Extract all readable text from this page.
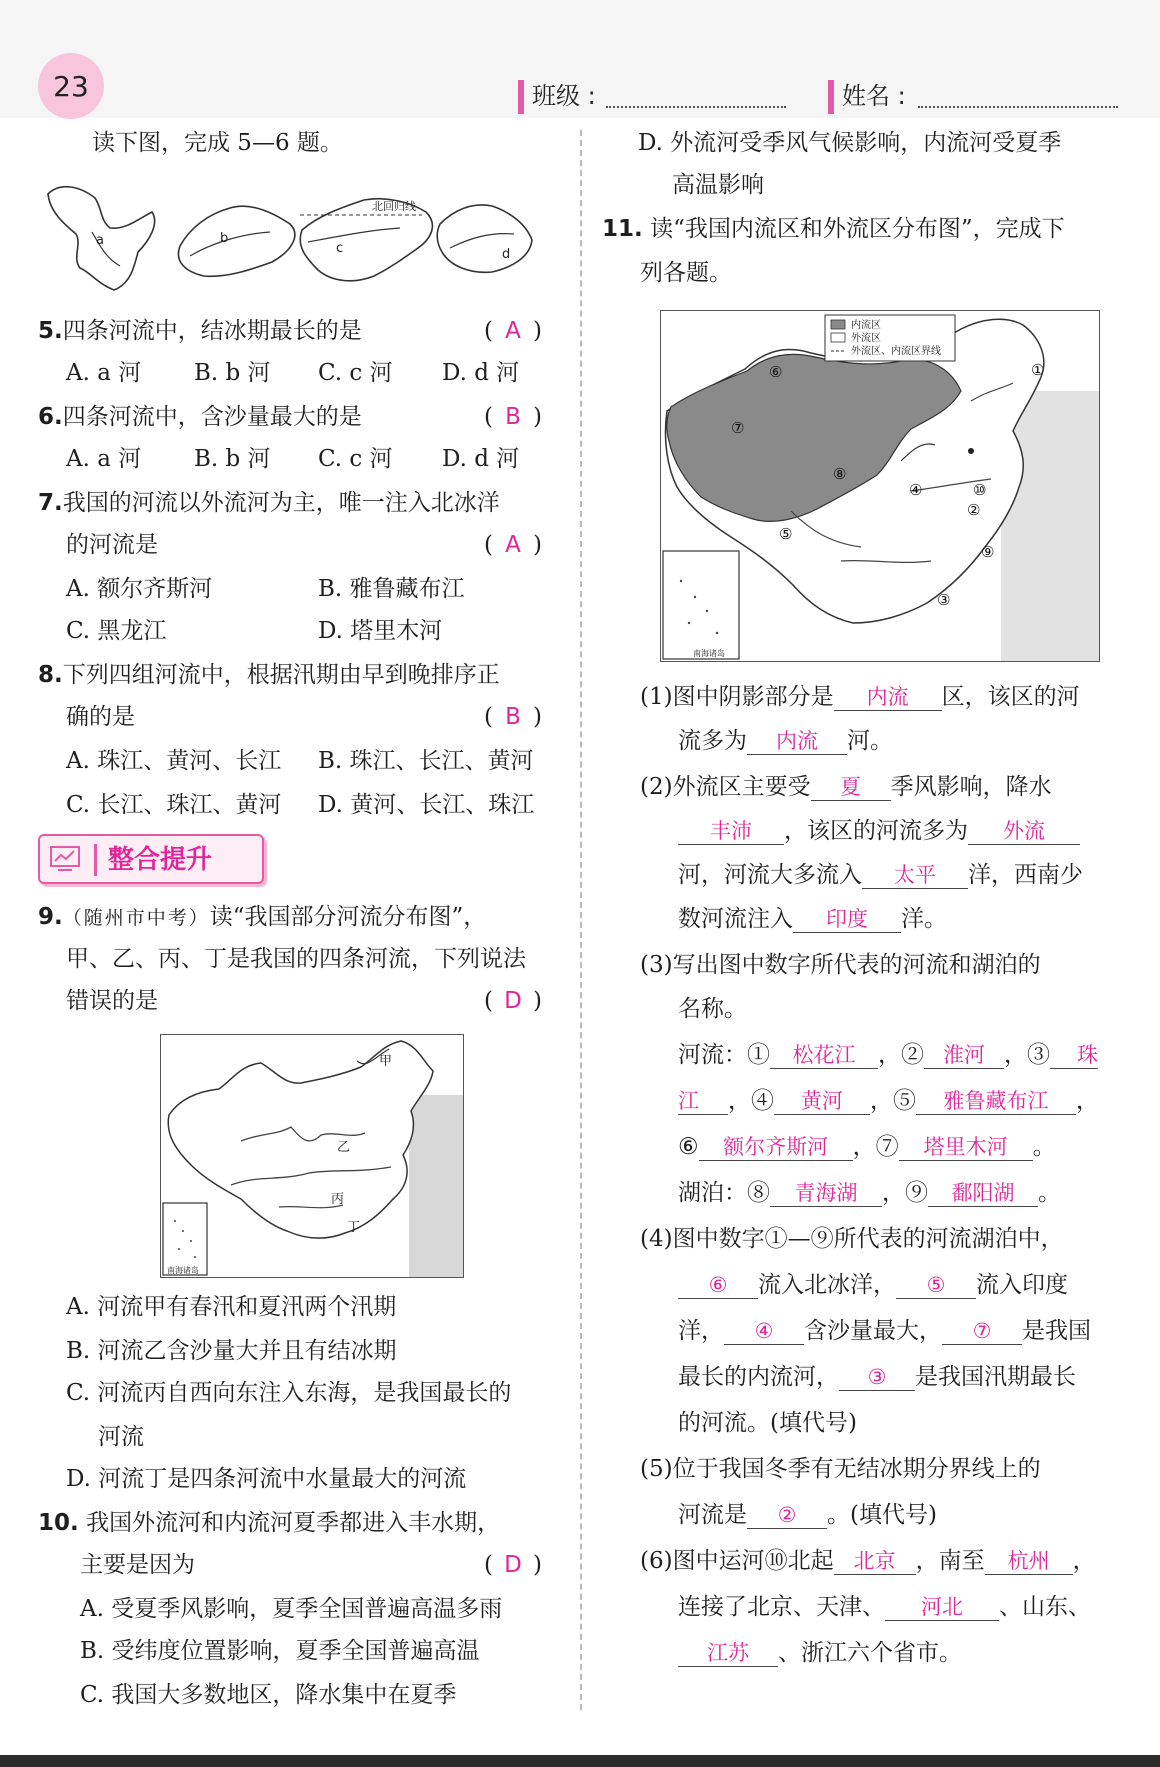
23	班级 :	姓名 :
读下图，完成 5—6 题。
a	b
c	d
北回归线
5.四条河流中，结冰期最长的是	( A )
A. a 河 B. b 河 C. c 河 D. d 河
6.四条河流中，含沙量最大的是	( B )
A. a 河 B. b 河 C. c 河 D. d 河
7.我国的河流以外流河为主，唯一注入北冰洋
的河流是	( A )
A. 额尔齐斯河	B. 雅鲁藏布江
C. 黑龙江	D. 塔里木河
8.下列四组河流中，根据汛期由早到晚排序正
确的是	( B )
A. 珠江、黄河、长江 B. 珠江、长江、黄河
C. 长江、珠江、黄河 D. 黄河、长江、珠江
整合提升
9.（随州市中考）读“我国部分河流分布图”，
甲、乙、丙、丁是我国的四条河流，下列说法
错误的是	( D )
甲
乙
丙
丁
南海诸岛
A. 河流甲有春汛和夏汛两个汛期
B. 河流乙含沙量大并且有结冰期
C. 河流丙自西向东注入东海，是我国最长的
河流
D. 河流丁是四条河流中水量最大的河流
10. 我国外流河和内流河夏季都进入丰水期，
主要是因为	( D )
A. 受夏季风影响，夏季全国普遍高温多雨
B. 受纬度位置影响，夏季全国普遍高温
C. 我国大多数地区，降水集中在夏季
D. 外流河受季风气候影响，内流河受夏季
高温影响
11. 读“我国内流区和外流区分布图”，完成下
列各题。
内流区
外流区
外流区、内流区界线
南海诸岛
①
②
③
④
⑤
⑥
⑦
⑧
⑨
⑩
(1)图中阴影部分是 内流 区，该区的河
流多为 内流 河。
(2)外流区主要受 夏 季风影响，降水
丰沛 ，该区的河流多为 外流
河，河流大多流入 太平 洋，西南少
数河流注入 印度 洋。
(3)写出图中数字所代表的河流和湖泊的
名称。
河流：① 松花江 ，② 淮河 ，③ 珠
江 ，④ 黄河 ，⑤ 雅鲁藏布江 ，
⑥ 额尔齐斯河 ，⑦ 塔里木河 。
湖泊：⑧ 青海湖 ，⑨ 鄱阳湖 。
(4)图中数字①—⑨所代表的河流湖泊中，
⑥ 流入北冰洋， ⑤ 流入印度
洋， ④ 含沙量最大， ⑦ 是我国
最长的内流河， ③ 是我国汛期最长
的河流。(填代号)
(5)位于我国冬季有无结冰期分界线上的
河流是 ② 。(填代号)
(6)图中运河⑩北起 北京 ，南至 杭州 ，
连接了北京、天津、 河北 、山东、
江苏 、浙江六个省市。
